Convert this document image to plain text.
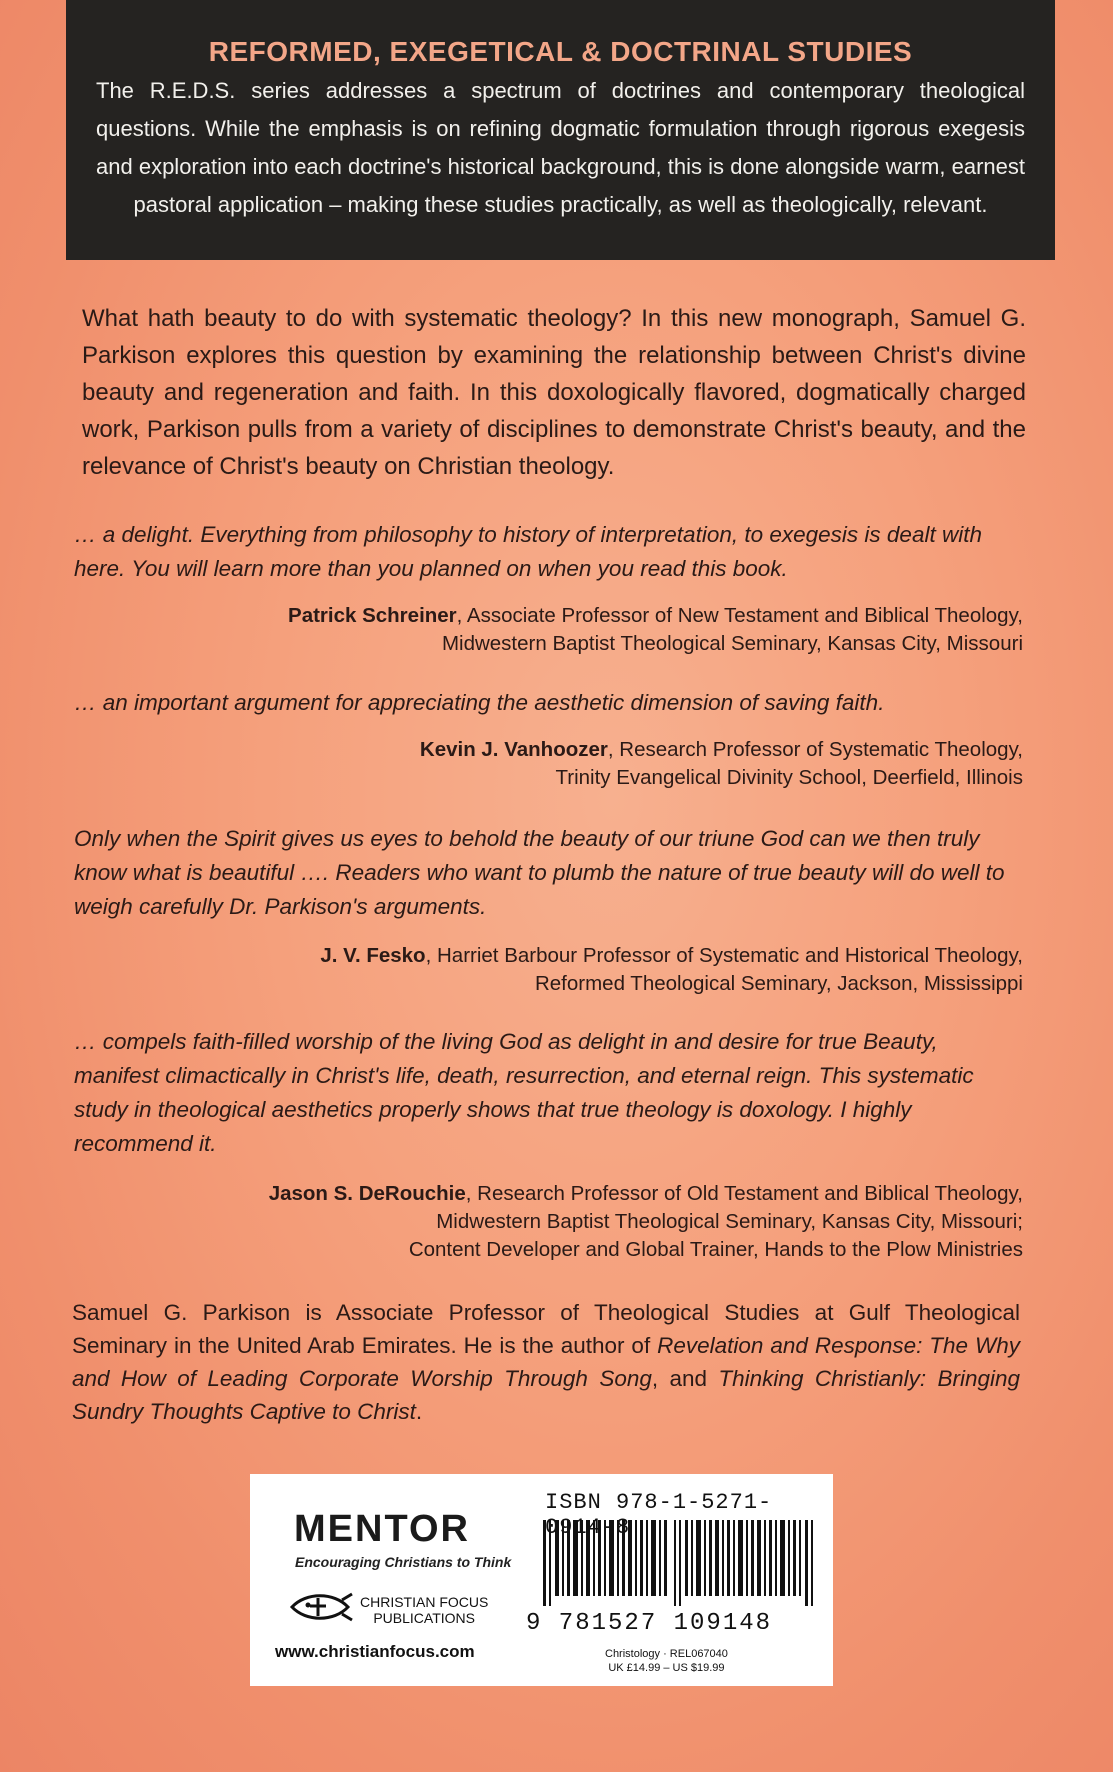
REFORMED, EXEGETICAL & DOCTRINAL STUDIES
The R.E.D.S. series addresses a spectrum of doctrines and contemporary theological questions. While the emphasis is on refining dogmatic formulation through rigorous exegesis and exploration into each doctrine's historical background, this is done alongside warm, earnest pastoral application – making these studies practically, as well as theologically, relevant.
What hath beauty to do with systematic theology? In this new monograph, Samuel G. Parkison explores this question by examining the relationship between Christ's divine beauty and regeneration and faith. In this doxologically flavored, dogmatically charged work, Parkison pulls from a variety of disciplines to demonstrate Christ's beauty, and the relevance of Christ's beauty on Christian theology.
… a delight. Everything from philosophy to history of interpretation, to exegesis is dealt with here. You will learn more than you planned on when you read this book.
Patrick Schreiner, Associate Professor of New Testament and Biblical Theology,
Midwestern Baptist Theological Seminary, Kansas City, Missouri
… an important argument for appreciating the aesthetic dimension of saving faith.
Kevin J. Vanhoozer, Research Professor of Systematic Theology,
Trinity Evangelical Divinity School, Deerfield, Illinois
Only when the Spirit gives us eyes to behold the beauty of our triune God can we then truly know what is beautiful …. Readers who want to plumb the nature of true beauty will do well to weigh carefully Dr. Parkison's arguments.
J. V. Fesko, Harriet Barbour Professor of Systematic and Historical Theology,
Reformed Theological Seminary, Jackson, Mississippi
… compels faith-filled worship of the living God as delight in and desire for true Beauty, manifest climactically in Christ's life, death, resurrection, and eternal reign. This systematic study in theological aesthetics properly shows that true theology is doxology. I highly recommend it.
Jason S. DeRouchie, Research Professor of Old Testament and Biblical Theology,
Midwestern Baptist Theological Seminary, Kansas City, Missouri;
Content Developer and Global Trainer, Hands to the Plow Ministries
Samuel G. Parkison is Associate Professor of Theological Studies at Gulf Theological Seminary in the United Arab Emirates. He is the author of Revelation and Response: The Why and How of Leading Corporate Worship Through Song, and Thinking Christianly: Bringing Sundry Thoughts Captive to Christ.
MENTOR
Encouraging Christians to Think
CHRISTIAN FOCUS
PUBLICATIONS
www.christianfocus.com
ISBN 978-1-5271-0914-8
9 781527 109148
Christology · REL067040
UK £14.99 – US $19.99
